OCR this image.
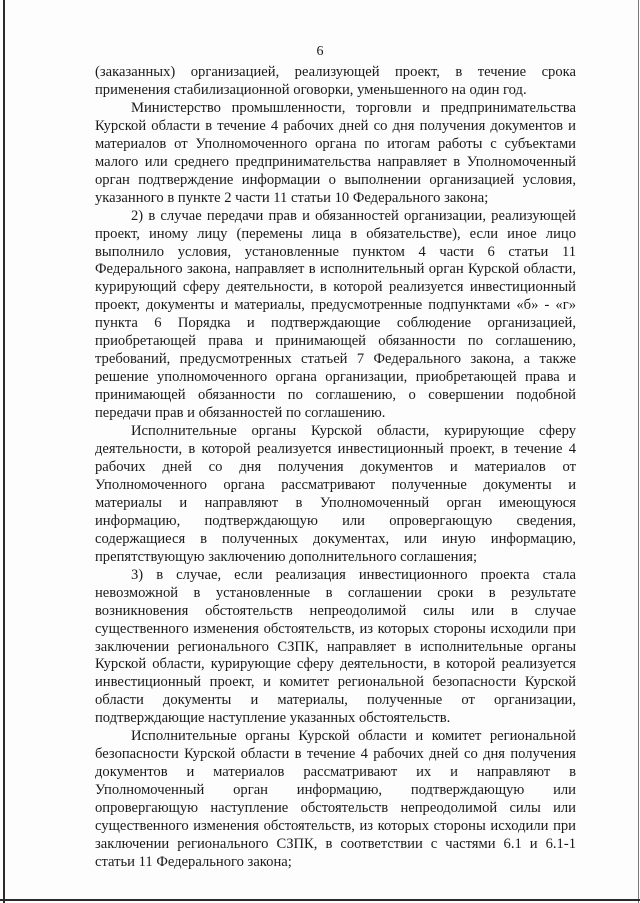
6

(заказанных) организацией, реализующей проект, в течение срока применения стабилизационной оговорки, уменьшенного на один год.

Министерство промышленности, торговли и предпринимательства Курской области в течение 4 рабочих дней со дня получения документов и материалов от Уполномоченного органа по итогам работы с субъектами малого или среднего предпринимательства направляет в Уполномоченный орган подтверждение информации о выполнении организацией условия, указанного в пункте 2 части 11 статьи 10 Федерального закона;

2) в случае передачи прав и обязанностей организации, реализующей проект, иному лицу (перемены лица в обязательстве), если иное лицо выполнило условия, установленные пунктом 4 части 6 статьи 11 Федерального закона, направляет в исполнительный орган Курской области, курирующий сферу деятельности, в которой реализуется инвестиционный проект, документы и материалы, предусмотренные подпунктами «б» - «г» пункта 6 Порядка и подтверждающие соблюдение организацией, приобретающей права и принимающей обязанности по соглашению, требований, предусмотренных статьей 7 Федерального закона, а также решение уполномоченного органа организации, приобретающей права и принимающей обязанности по соглашению, о совершении подобной передачи прав и обязанностей по соглашению.

Исполнительные органы Курской области, курирующие сферу деятельности, в которой реализуется инвестиционный проект, в течение 4 рабочих дней со дня получения документов и материалов от Уполномоченного органа рассматривают полученные документы и материалы и направляют в Уполномоченный орган имеющуюся информацию, подтверждающую или опровергающую сведения, содержащиеся в полученных документах, или иную информацию, препятствующую заключению дополнительного соглашения;

3) в случае, если реализация инвестиционного проекта стала невозможной в установленные в соглашении сроки в результате возникновения обстоятельств непреодолимой силы или в случае существенного изменения обстоятельств, из которых стороны исходили при заключении регионального СЗПК, направляет в исполнительные органы Курской области, курирующие сферу деятельности, в которой реализуется инвестиционный проект, и комитет региональной безопасности Курской области документы и материалы, полученные от организации, подтверждающие наступление указанных обстоятельств.

Исполнительные органы Курской области и комитет региональной безопасности Курской области в течение 4 рабочих дней со дня получения документов и материалов рассматривают их и направляют в Уполномоченный орган информацию, подтверждающую или опровергающую наступление обстоятельств непреодолимой силы или существенного изменения обстоятельств, из которых стороны исходили при заключении регионального СЗПК, в соответствии с частями 6.1 и 6.1-1 статьи 11 Федерального закона;
